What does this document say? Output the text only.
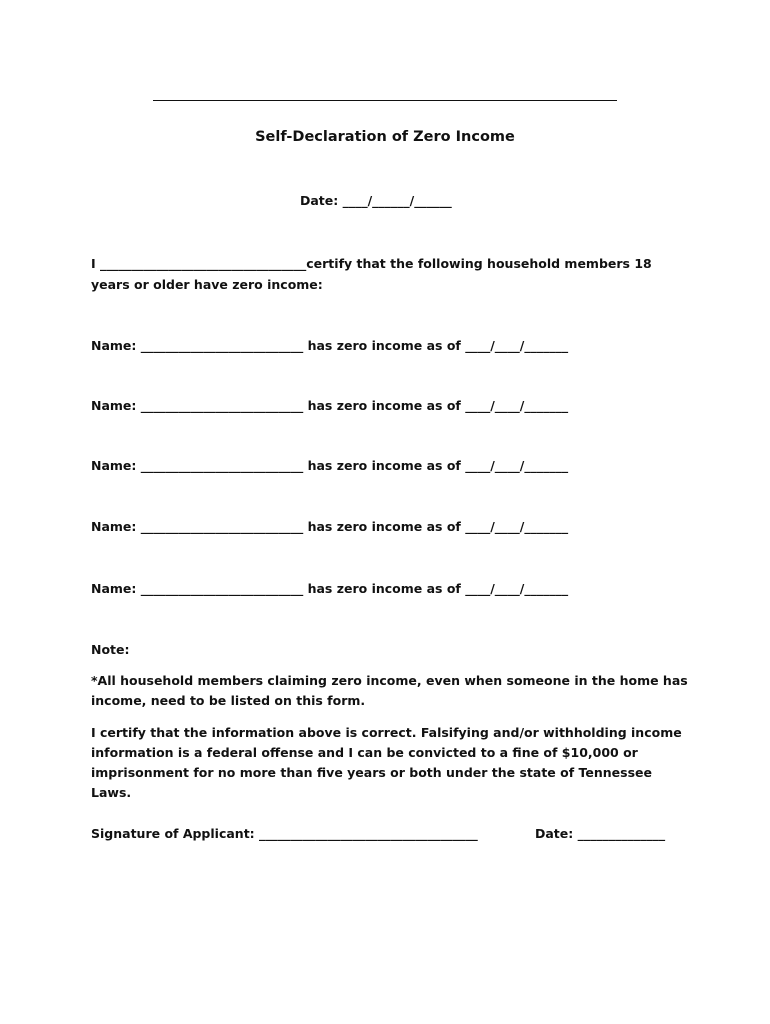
Self-Declaration of Zero Income
Date: ____/______/______
I _________________________________certify that the following household members 18
years or older have zero income:
Name: __________________________ has zero income as of ____/____/_______
Name: __________________________ has zero income as of ____/____/_______
Name: __________________________ has zero income as of ____/____/_______
Name: __________________________ has zero income as of ____/____/_______
Name: __________________________ has zero income as of ____/____/_______
Note:
*All household members claiming zero income, even when someone in the home has income, need to be listed on this form.
I certify that the information above is correct. Falsifying and/or withholding income information is a federal offense and I can be convicted to a fine of $10,000 or imprisonment for no more than five years or both under the state of Tennessee Laws.
Signature of Applicant: ___________________________________	Date: ______________
